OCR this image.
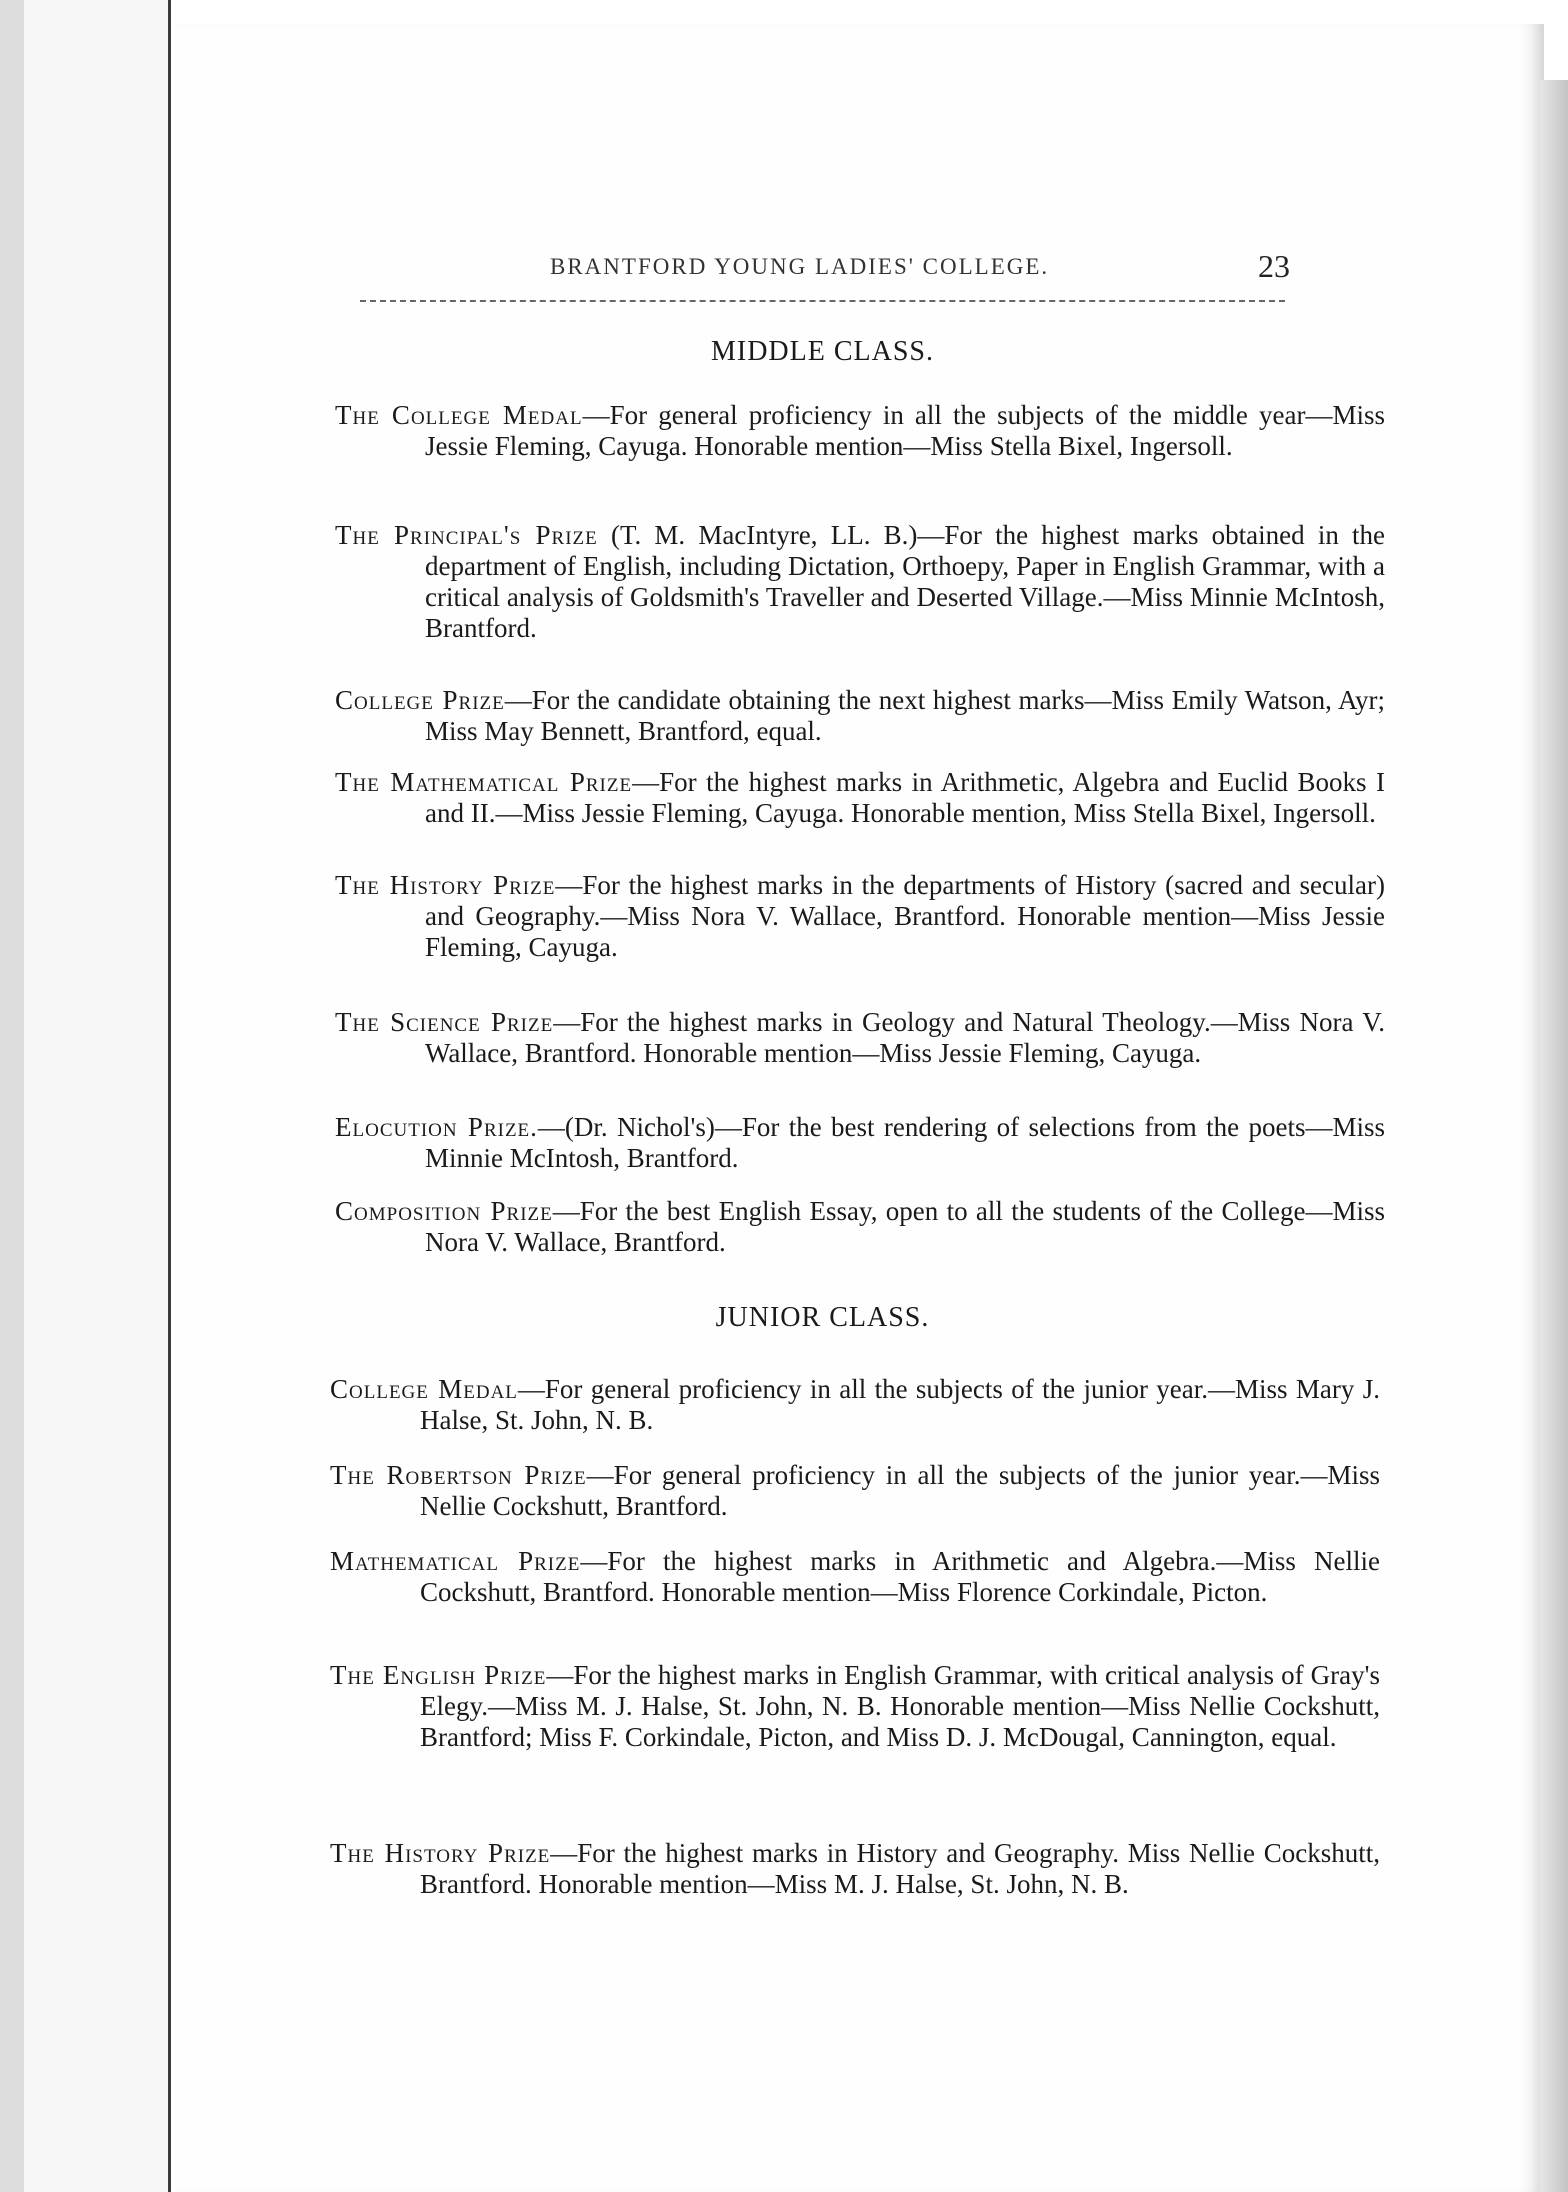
BRANTFORD YOUNG LADIES' COLLEGE.	23
MIDDLE CLASS.
The College Medal—For general proficiency in all the subjects of the middle year—Miss Jessie Fleming, Cayuga. Honorable mention—Miss Stella Bixel, Ingersoll.
The Principal's Prize (T. M. MacIntyre, LL. B.)—For the highest marks obtained in the department of English, including Dictation, Orthoepy, Paper in English Grammar, with a critical analysis of Goldsmith's Traveller and Deserted Village.—Miss Minnie McIntosh, Brantford.
College Prize—For the candidate obtaining the next highest marks—Miss Emily Watson, Ayr; Miss May Bennett, Brantford, equal.
The Mathematical Prize—For the highest marks in Arithmetic, Algebra and Euclid Books I and II.—Miss Jessie Fleming, Cayuga. Honorable mention, Miss Stella Bixel, Ingersoll.
The History Prize—For the highest marks in the departments of History (sacred and secular) and Geography.—Miss Nora V. Wallace, Brantford. Honorable mention—Miss Jessie Fleming, Cayuga.
The Science Prize—For the highest marks in Geology and Natural Theology.—Miss Nora V. Wallace, Brantford. Honorable mention—Miss Jessie Fleming, Cayuga.
Elocution Prize.—(Dr. Nichol's)—For the best rendering of selections from the poets—Miss Minnie McIntosh, Brantford.
Composition Prize—For the best English Essay, open to all the students of the College—Miss Nora V. Wallace, Brantford.
JUNIOR CLASS.
College Medal—For general proficiency in all the subjects of the junior year.—Miss Mary J. Halse, St. John, N. B.
The Robertson Prize—For general proficiency in all the subjects of the junior year.—Miss Nellie Cockshutt, Brantford.
Mathematical Prize—For the highest marks in Arithmetic and Algebra.—Miss Nellie Cockshutt, Brantford. Honorable mention—Miss Florence Corkindale, Picton.
The English Prize—For the highest marks in English Grammar, with critical analysis of Gray's Elegy.—Miss M. J. Halse, St. John, N. B. Honorable mention—Miss Nellie Cockshutt, Brantford; Miss F. Corkindale, Picton, and Miss D. J. McDougal, Cannington, equal.
The History Prize—For the highest marks in History and Geography. Miss Nellie Cockshutt, Brantford. Honorable mention—Miss M. J. Halse, St. John, N. B.
